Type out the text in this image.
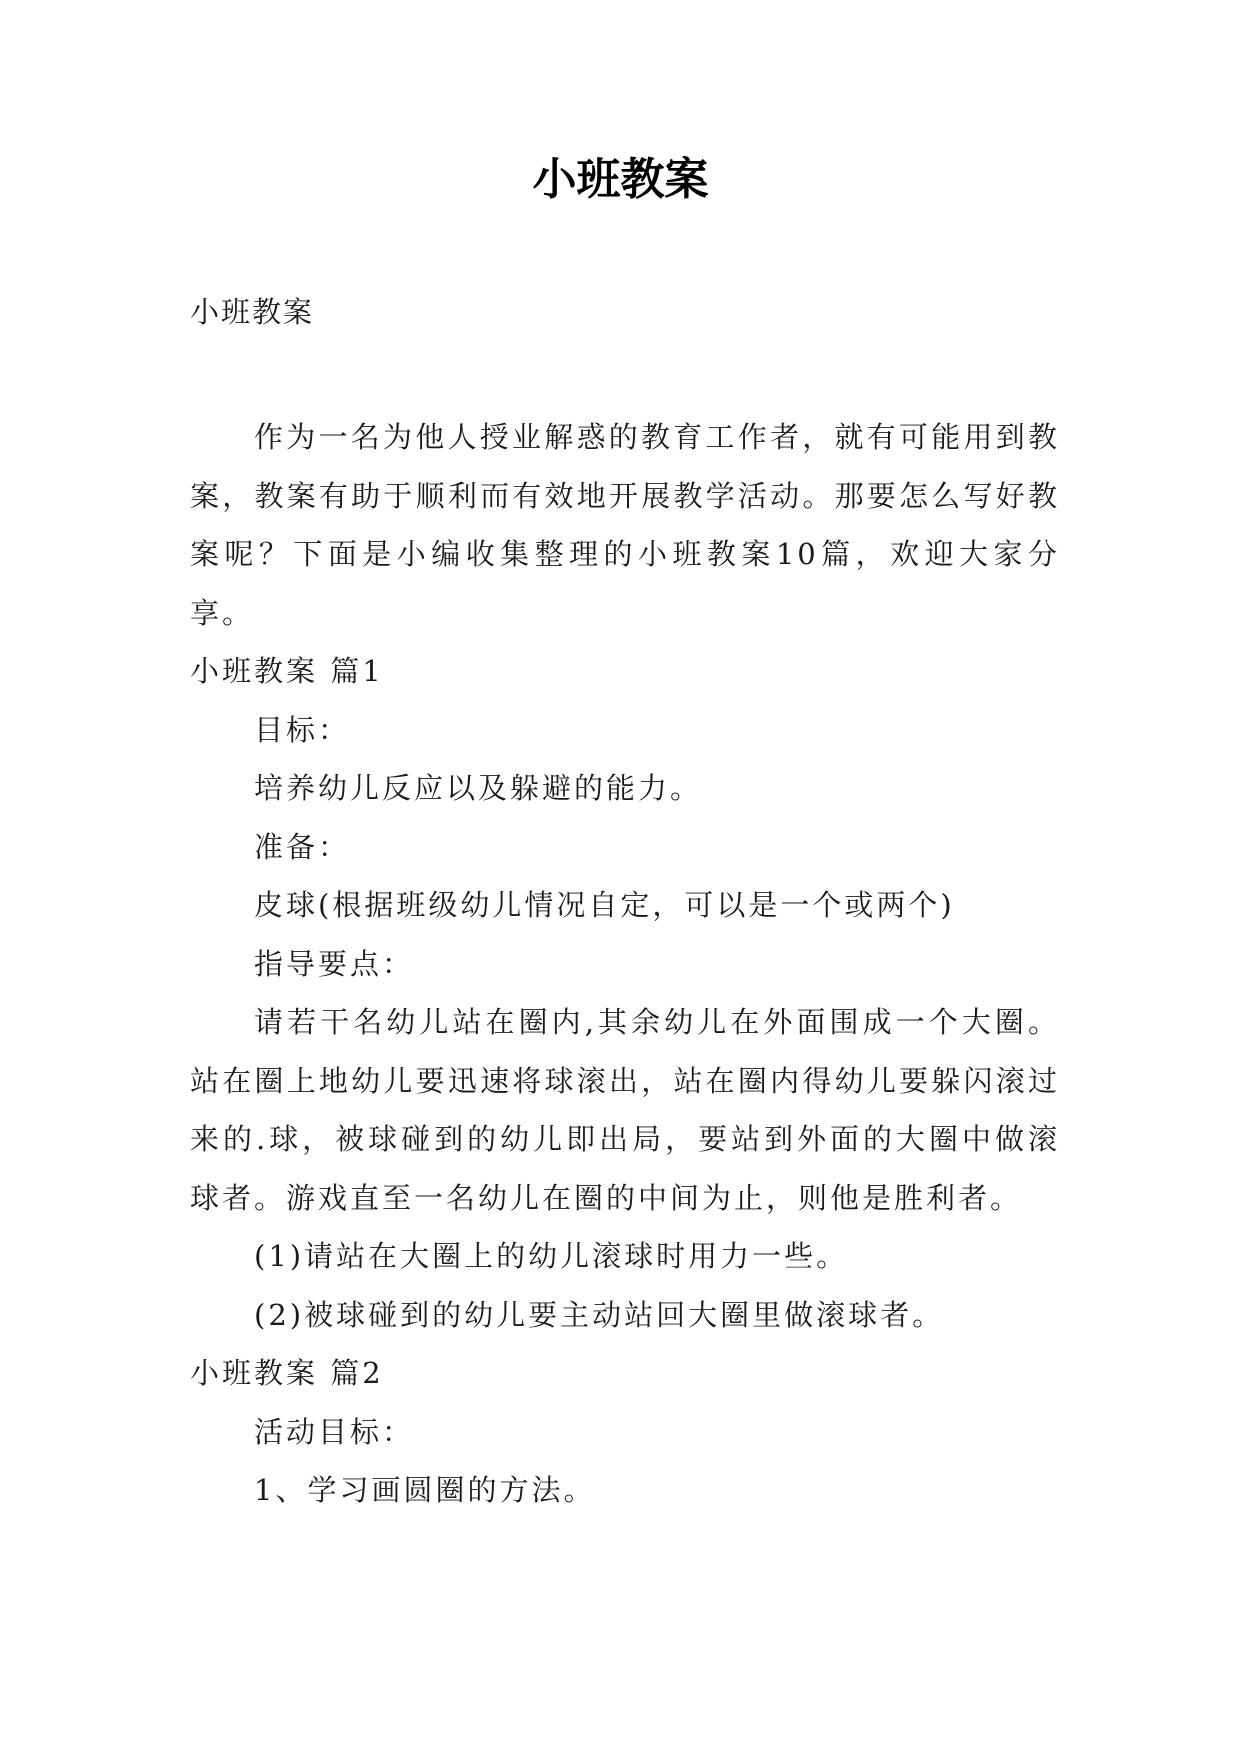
小班教案
小班教案

作为一名为他人授业解惑的教育工作者，就有可能用到教案，教案有助于顺利而有效地开展教学活动。那要怎么写好教案呢？下面是小编收集整理的小班教案10篇，欢迎大家分享。

小班教案 篇1

目标：

培养幼儿反应以及躲避的能力。

准备：

皮球(根据班级幼儿情况自定，可以是一个或两个)

指导要点：

请若干名幼儿站在圈内,其余幼儿在外面围成一个大圈。站在圈上地幼儿要迅速将球滚出，站在圈内得幼儿要躲闪滚过来的.球，被球碰到的幼儿即出局，要站到外面的大圈中做滚球者。游戏直至一名幼儿在圈的中间为止，则他是胜利者。

(1)请站在大圈上的幼儿滚球时用力一些。

(2)被球碰到的幼儿要主动站回大圈里做滚球者。

小班教案 篇2

活动目标：

1、学习画圆圈的方法。
